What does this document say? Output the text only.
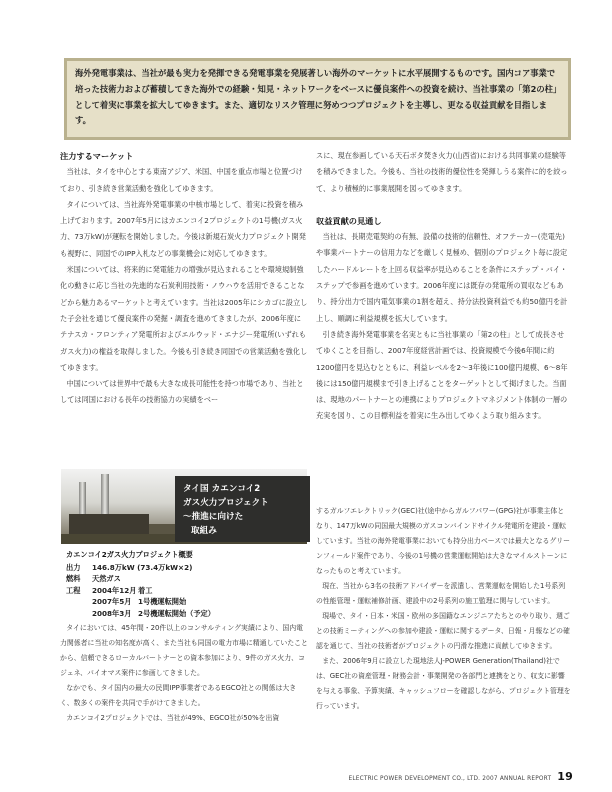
海外発電事業は、当社が最も実力を発揮できる発電事業を発展著しい海外のマーケットに水平展開するものです。国内コア事業で培った技術力および蓄積してきた海外での経験・知見・ネットワークをベースに優良案件への投資を続け、当社事業の「第2の柱」として着実に事業を拡大してゆきます。また、適切なリスク管理に努めつつプロジェクトを主導し、更なる収益貢献を目指します。
注力するマーケット

当社は、タイを中心とする東南アジア、米国、中国を重点市場と位置づけており、引き続き営業活動を強化してゆきます。

タイについては、当社海外発電事業の中核市場として、着実に投資を積み上げております。2007年5月にはカエンコイ2プロジェクトの1号機(ガス火力、73万kW)が運転を開始しました。今後は新規石炭火力プロジェクト開発も視野に、同国でのIPP入札などの事業機会に対応してゆきます。

米国については、将来的に発電能力の増強が見込まれることや環境規制強化の動きに応じ当社の先進的な石炭利用技術・ノウハウを活用できることなどから魅力あるマーケットと考えています。当社は2005年にシカゴに設立した子会社を通じて優良案件の発掘・調査を進めてきましたが、2006年度にテナスカ・フロンティア発電所およびエルウッド・エナジー発電所(いずれもガス火力)の権益を取得しました。今後も引き続き同国での営業活動を強化してゆきます。

中国については世界中で最も大きな成長可能性を持つ市場であり、当社としては同国における長年の技術協力の実績をベー

スに、現在参画している天石ボタ焚き火力(山西省)における共同事業の経験等を積みできました。今後も、当社の技術的優位性を発揮しうる案件に的を絞って、より積極的に事業展開を図ってゆきます。

収益貢献の見通し

当社は、長期売電契約の有無、設備の技術的信頼性、オフテーカー(売電先)や事業パートナーの信用力などを厳しく見極め、個別のプロジェクト毎に設定したハードルレートを上回る収益率が見込めることを条件にステップ・バイ・ステップで参画を進めています。2006年度には既存の発電所の買収などもあり、持分出力で国内電気事業の1割を超え、持分法投資利益でも約50億円を計上し、順調に利益規模を拡大しています。

引き続き海外発電事業を名実ともに当社事業の「第2の柱」として成長させてゆくことを目指し、2007年度経営計画では、投資規模で今後6年間に約1200億円を見込むとともに、利益レベルを2〜3年後に100億円規模、6〜8年後には150億円規模まで引き上げることをターゲットとして掲げました。当面は、現地のパートナーとの連携によりプロジェクトマネジメント体制の一層の充実を図り、この目標利益を着実に生み出してゆくよう取り組みます。

タイ国 カエンコイ2
ガス火力プロジェクト
〜推進に向けた
取組み
カエンコイ2ガス火力プロジェクト概要
出力	146.8万kW (73.4万kW×2)
燃料	天然ガス
工程	2004年12月 着工
2007年5月 1号機運転開始
2008年3月 2号機運転開始（予定）

タイにおいては、45年間・20件以上のコンサルティング実績により、国内電力関係者に当社の知名度が高く、また当社も同国の電力市場に精通していたことから、信頼できるローカルパートナーとの資本参加により、9件のガス火力、コジェネ、バイオマス案件に参画してきました。

なかでも、タイ国内の最大の民間IPP事業者であるEGCO社との関係は大きく、数多くの案件を共同で手がけてきました。

カエンコイ2プロジェクトでは、当社が49%、EGCO社が50%を出資

するガルフエレクトリック(GEC)社(途中からガルフパワー(GPG)社が事業主体となり、147万kWの同国最大規模のガスコンバインドサイクル発電所を建設・運転しています。当社の海外発電事業においても持分出力ベースでは最大となるグリーンフィールド案件であり、今後の1号機の営業運転開始は大きなマイルストーンになったものと考えています。

現在、当社から3名の技術アドバイザーを派遣し、営業運転を開始した1号系列の性能管理・運転補修計画、建設中の2号系列の施工監理に関与しています。

現場で、タイ・日本・米国・欧州の多国籍なエンジニアたちとのやり取り、週ごとの技術ミーティングへの参加や建設・運転に関するデータ、日報・月報などの確認を通じて、当社の技術者がプロジェクトの円滑な推進に貢献してゆきます。

また、2006年9月に設立した現地法人J-POWER Generation(Thailand)社では、GEC社の資産管理・財務会計・事業開発の各部門と連携をとり、収支に影響を与える事象、予算実績、キャッシュフローを確認しながら、プロジェクト管理を行っています。

ELECTRIC POWER DEVELOPMENT CO., LTD. 2007 ANNUAL REPORT 19
